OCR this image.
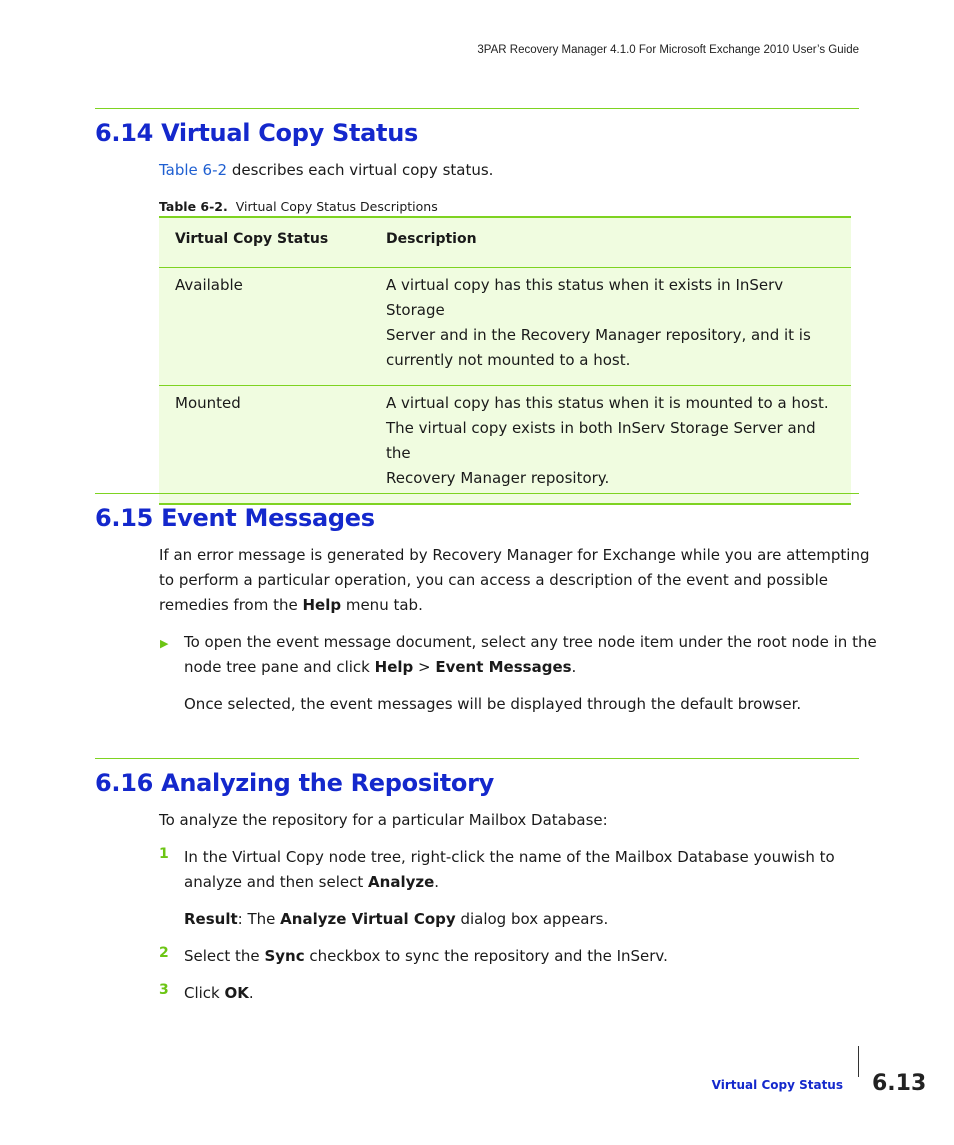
3PAR Recovery Manager 4.1.0 For Microsoft Exchange 2010 User’s Guide
6.14 Virtual Copy Status
Table 6-2 describes each virtual copy status.
Table 6-2. Virtual Copy Status Descriptions
Virtual Copy Status	Description
Available	A virtual copy has this status when it exists in InServ Storage
Server and in the Recovery Manager repository, and it is
currently not mounted to a host.

Mounted	A virtual copy has this status when it is mounted to a host.
The virtual copy exists in both InServ Storage Server and the
Recovery Manager repository.
6.15 Event Messages
If an error message is generated by Recovery Manager for Exchange while you are attempting
to perform a particular operation, you can access a description of the event and possible
remedies from the Help menu tab.
▶ To open the event message document, select any tree node item under the root node in the
node tree pane and click Help > Event Messages.
Once selected, the event messages will be displayed through the default browser.
6.16 Analyzing the Repository
To analyze the repository for a particular Mailbox Database:
1 In the Virtual Copy node tree, right-click the name of the Mailbox Database youwish to
analyze and then select Analyze.
Result: The Analyze Virtual Copy dialog box appears.
2 Select the Sync checkbox to sync the repository and the InServ.
3 Click OK.
Virtual Copy Status 6.13
